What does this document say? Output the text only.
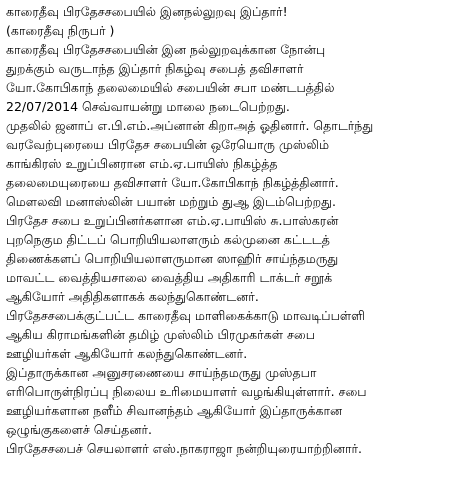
காரைதீவு பிரதேசசபையில் இனநல்லுறவு இப்தார்!
(காரைதீவு நிருபர் )
காரைதீவு பிரதேசசபையின் இன நல்லுறவுக்கான நோன்பு
துறக்கும் வருடாந்த இப்தார் நிகழ்வு சபைத் தவிசாளர்
யோ.கோபிகாந் தலைமையில் சபையின் சபா மண்டபத்தில்
22/07/2014 செவ்வாயன்று மாலை நடைபெற்றது.
முதலில் ஜனாப் எ.பி.எம்.அப்னான் கிறாஅத் ஓதினார். தொடர்ந்து
வரவேற்புரையை பிரதேச சபையின் ஒரேயொரு முஸ்லிம்
காங்கிரஸ் உறுப்பினரான எம்.ஏ.பாயிஸ் நிகழ்த்த
தலைமையுரையை தவிசாளர் யோ.கோபிகாந் நிகழ்த்தினார்.
மௌலவி மனாஸ்லின் பயான் மற்றும் துஆ இடம்பெற்றது.
பிரதேச சபை உறுப்பினர்களான எம்.ஏ.பாயிஸ் சு.பாஸ்கரன்
புறநெகும திட்டப் பொறியியலாளரும் கல்முனை கட்டடத்
திணைக்களப் பொறியியலாளருமான ஸாஹிர் சாய்ந்தமருது
மாவட்ட வைத்தியசாலை வைத்திய அதிகாரி டாக்டர் சறூக்
ஆகியோர் அதிதிகளாகக் கலந்துகொண்டனர்.
பிரதேசசபைக்குட்பட்ட காரைதீவு மாளிகைக்காடு மாவடிப்பள்ளி
ஆகிய கிராமங்களின் தமிழ் முஸ்லிம் பிரமுகர்கள் சபை
ஊழியர்கள் ஆகியோர் கலந்துகொண்டனர்.
இப்தாருக்கான அனுசரணையை சாய்ந்தமருது முஸ்தபா
எரிபொருள்நிரப்பு நிலைய உரிமையாளர் வழங்கியுள்ளார். சபை
ஊழியர்களான நளீம் சிவானந்தம் ஆகியோர் இப்தாருக்கான
ஒழுங்குகளைச் செய்தனர்.
பிரதேசசபைச் செயலாளர் எஸ்.நாகராஜா நன்றியுரையாற்றினார்.
